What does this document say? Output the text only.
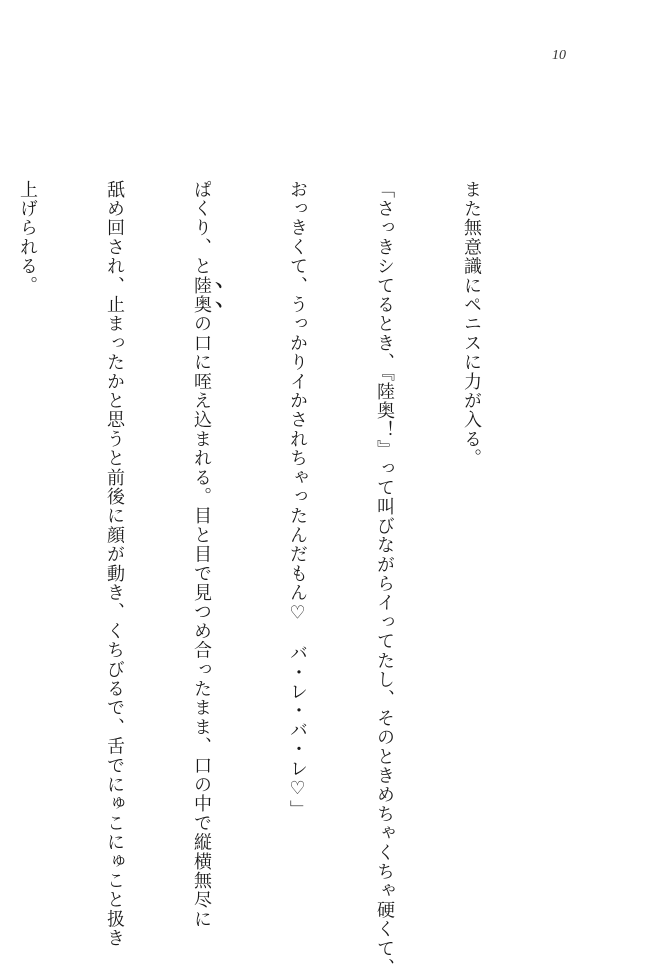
10

また無意識にペニスに力が入る。

「さっきシてるとき、『陸奥！』って叫びながらイってたし、そのときめちゃくちゃ硬くて、

おっきくて、うっかりイかされちゃったんだもん♡　バ・レ・バ・レ♡」

ぱくり、と陸奥の口に咥え込まれる。目と目で見つめ合ったまま、口の中で縦横無尽に

舐め回され、止まったかと思うと前後に顔が動き、くちびるで、舌でにゅこにゅこと扱き

上げられる。
